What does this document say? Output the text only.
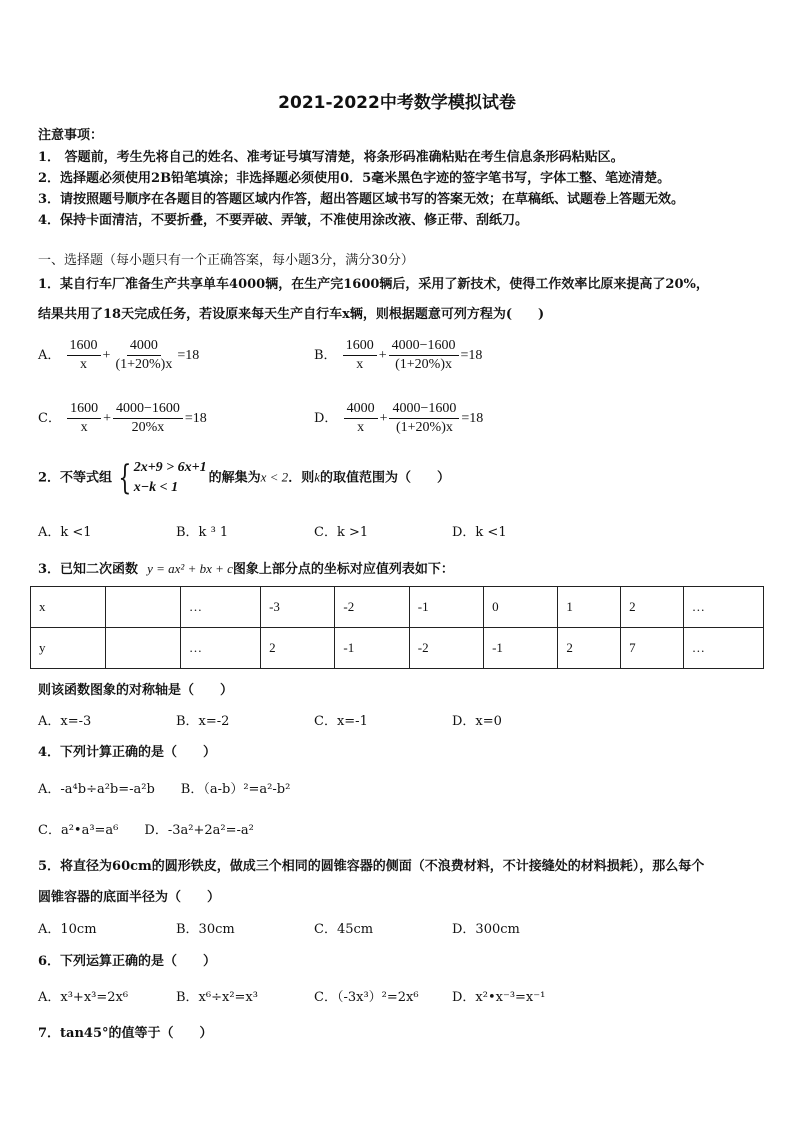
2021-2022中考数学模拟试卷
注意事项：
1． 答题前，考生先将自己的姓名、准考证号填写清楚，将条形码准确粘贴在考生信息条形码粘贴区。
2．选择题必须使用2B铅笔填涂；非选择题必须使用0．5毫米黑色字迹的签字笔书写，字体工整、笔迹清楚。
3．请按照题号顺序在各题目的答题区域内作答，超出答题区域书写的答案无效；在草稿纸、试题卷上答题无效。
4．保持卡面清洁，不要折叠，不要弄破、弄皱，不准使用涂改液、修正带、刮纸刀。
一、选择题（每小题只有一个正确答案，每小题3分，满分30分）
1．某自行车厂准备生产共享单车4000辆，在生产完1600辆后，采用了新技术，使得工作效率比原来提高了20%，
结果共用了18天完成任务，若设原来每天生产自行车x辆，则根据题意可列方程为(　　)
A． $\frac{1600}{x} + \frac{4000}{(1+20\%)x} =18$	B． $\frac{1600}{x} + \frac{4000-1600}{(1+20\%)x} =18$
C． $\frac{1600}{x} + \frac{4000-1600}{20\%x} =18$	D． $\frac{4000}{x} + \frac{4000-1600}{(1+20\%)x} =18$
2．不等式组 { 2x+9 > 6x+1
x−k < 1
的解集为x < 2．则k的取值范围为（　　）
A．k <1	B．k ³ 1	C．k >1	D．k <1
3．已知二次函数 y = ax² + bx + c图象上部分点的坐标对应值列表如下：
x		…	-3	-2	-1	0	1	2	…
y		…	2	-1	-2	-1	2	7	…
则该函数图象的对称轴是（　　）
A．x=-3	B．x=-2	C．x=-1	D．x=0
4．下列计算正确的是（　　）
A．-a⁴b÷a²b=-a²b　　B．（a-b）²=a²-b²
C．a²•a³=a⁶　　D．-3a²+2a²=-a²
5．将直径为60cm的圆形铁皮，做成三个相同的圆锥容器的侧面（不浪费材料，不计接缝处的材料损耗），那么每个
圆锥容器的底面半径为（　　）
A．10cm	B．30cm	C．45cm	D．300cm
6．下列运算正确的是（　　）
A．x³+x³=2x⁶	B．x⁶÷x²=x³	C．（-3x³）²=2x⁶	D．x²•x⁻³=x⁻¹
7．tan45°的值等于（　　）
